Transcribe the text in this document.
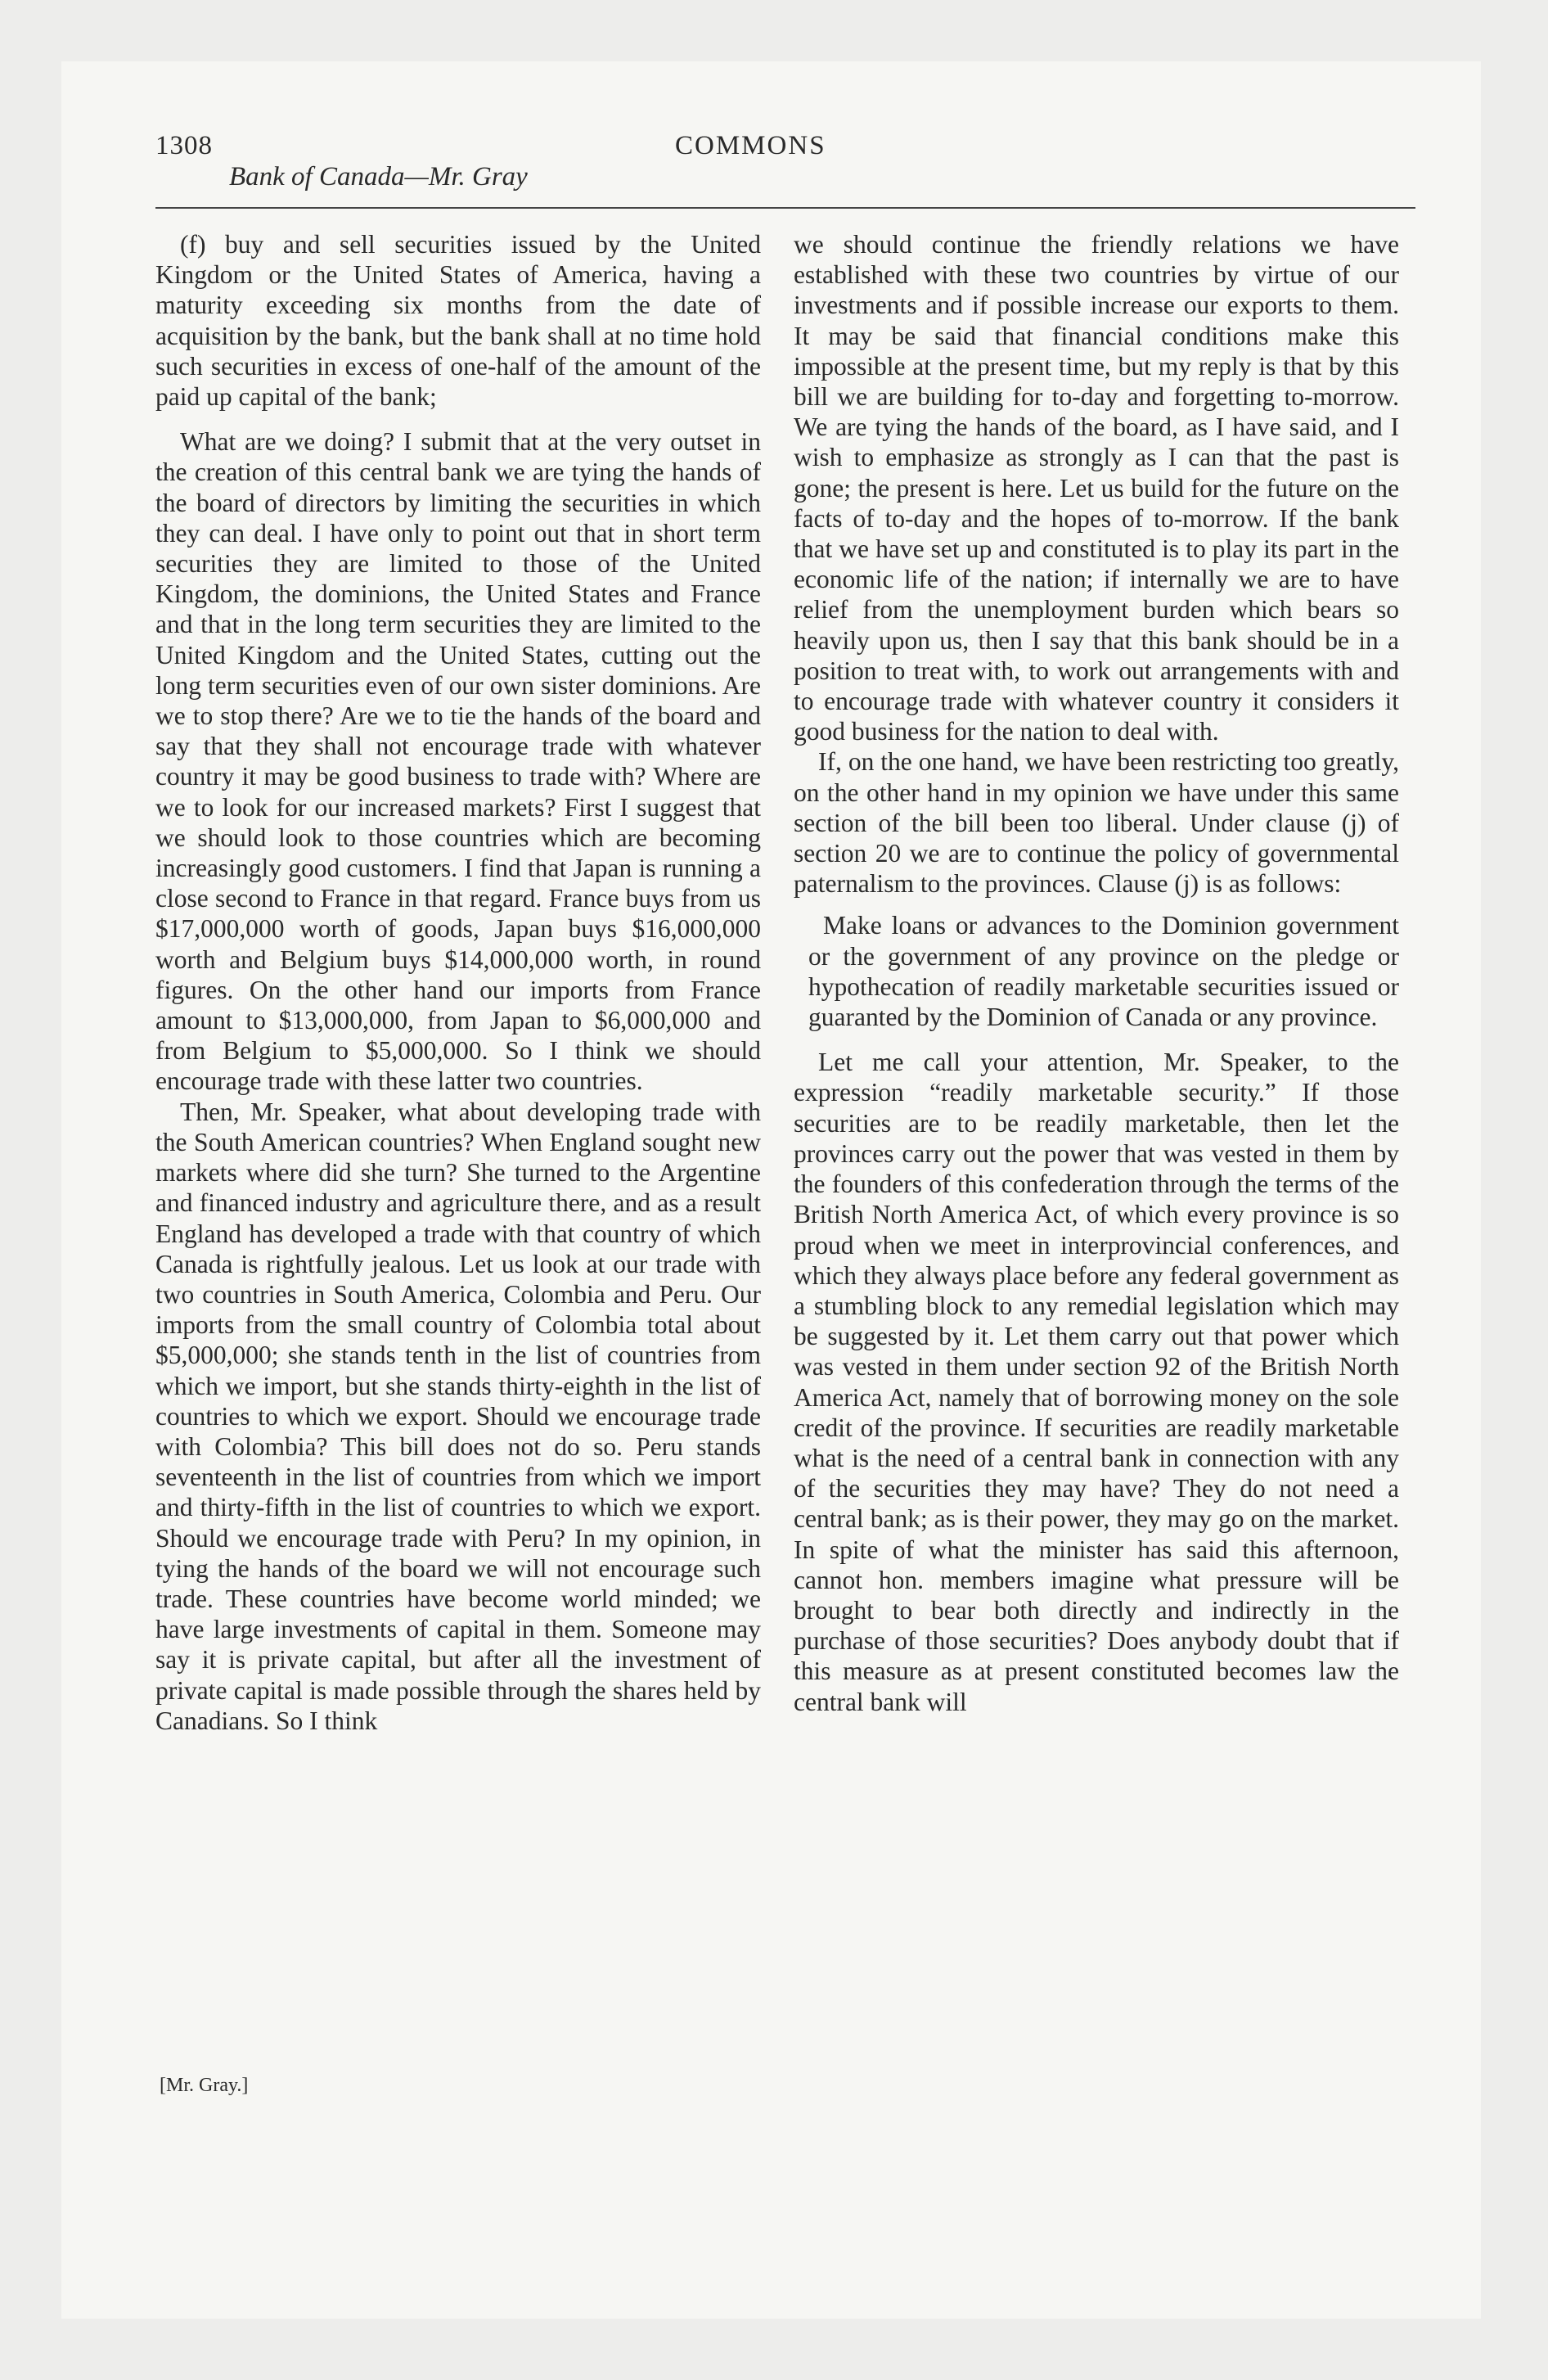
1308
Bank of Canada—Mr. Gray
COMMONS

(f) buy and sell securities issued by the United Kingdom or the United States of America, having a maturity exceeding six months from the date of acquisition by the bank, but the bank shall at no time hold such securities in excess of one-half of the amount of the paid up capital of the bank;

What are we doing? I submit that at the very outset in the creation of this central bank we are tying the hands of the board of directors by limiting the securities in which they can deal. I have only to point out that in short term securities they are limited to those of the United Kingdom, the dominions, the United States and France and that in the long term securities they are limited to the United Kingdom and the United States, cutting out the long term securities even of our own sister dominions. Are we to stop there? Are we to tie the hands of the board and say that they shall not encourage trade with whatever country it may be good business to trade with? Where are we to look for our increased markets? First I suggest that we should look to those countries which are becoming increasingly good customers. I find that Japan is running a close second to France in that regard. France buys from us $17,000,000 worth of goods, Japan buys $16,000,000 worth and Belgium buys $14,000,000 worth, in round figures. On the other hand our imports from France amount to $13,000,000, from Japan to $6,000,000 and from Belgium to $5,000,000. So I think we should encourage trade with these latter two countries.

Then, Mr. Speaker, what about developing trade with the South American countries? When England sought new markets where did she turn? She turned to the Argentine and financed industry and agriculture there, and as a result England has developed a trade with that country of which Canada is rightfully jealous. Let us look at our trade with two countries in South America, Colombia and Peru. Our imports from the small country of Colombia total about $5,000,000; she stands tenth in the list of countries from which we import, but she stands thirty-eighth in the list of countries to which we export. Should we encourage trade with Colombia? This bill does not do so. Peru stands seventeenth in the list of countries from which we import and thirty-fifth in the list of countries to which we export. Should we encourage trade with Peru? In my opinion, in tying the hands of the board we will not encourage such trade. These countries have become world minded; we have large investments of capital in them. Someone may say it is private capital, but after all the investment of private capital is made possible through the shares held by Canadians. So I think

we should continue the friendly relations we have established with these two countries by virtue of our investments and if possible increase our exports to them. It may be said that financial conditions make this impossible at the present time, but my reply is that by this bill we are building for to-day and forgetting to-morrow. We are tying the hands of the board, as I have said, and I wish to emphasize as strongly as I can that the past is gone; the present is here. Let us build for the future on the facts of to-day and the hopes of to-morrow. If the bank that we have set up and constituted is to play its part in the economic life of the nation; if internally we are to have relief from the unemployment burden which bears so heavily upon us, then I say that this bank should be in a position to treat with, to work out arrangements with and to encourage trade with whatever country it considers it good business for the nation to deal with.

If, on the one hand, we have been restricting too greatly, on the other hand in my opinion we have under this same section of the bill been too liberal. Under clause (j) of section 20 we are to continue the policy of governmental paternalism to the provinces. Clause (j) is as follows:

Make loans or advances to the Dominion government or the government of any province on the pledge or hypothecation of readily marketable securities issued or guaranted by the Dominion of Canada or any province.

Let me call your attention, Mr. Speaker, to the expression “readily marketable security.” If those securities are to be readily marketable, then let the provinces carry out the power that was vested in them by the founders of this confederation through the terms of the British North America Act, of which every province is so proud when we meet in interprovincial conferences, and which they always place before any federal government as a stumbling block to any remedial legislation which may be suggested by it. Let them carry out that power which was vested in them under section 92 of the British North America Act, namely that of borrowing money on the sole credit of the province. If securities are readily marketable what is the need of a central bank in connection with any of the securities they may have? They do not need a central bank; as is their power, they may go on the market. In spite of what the minister has said this afternoon, cannot hon. members imagine what pressure will be brought to bear both directly and indirectly in the purchase of those securities? Does anybody doubt that if this measure as at present constituted becomes law the central bank will

[Mr. Gray.]
